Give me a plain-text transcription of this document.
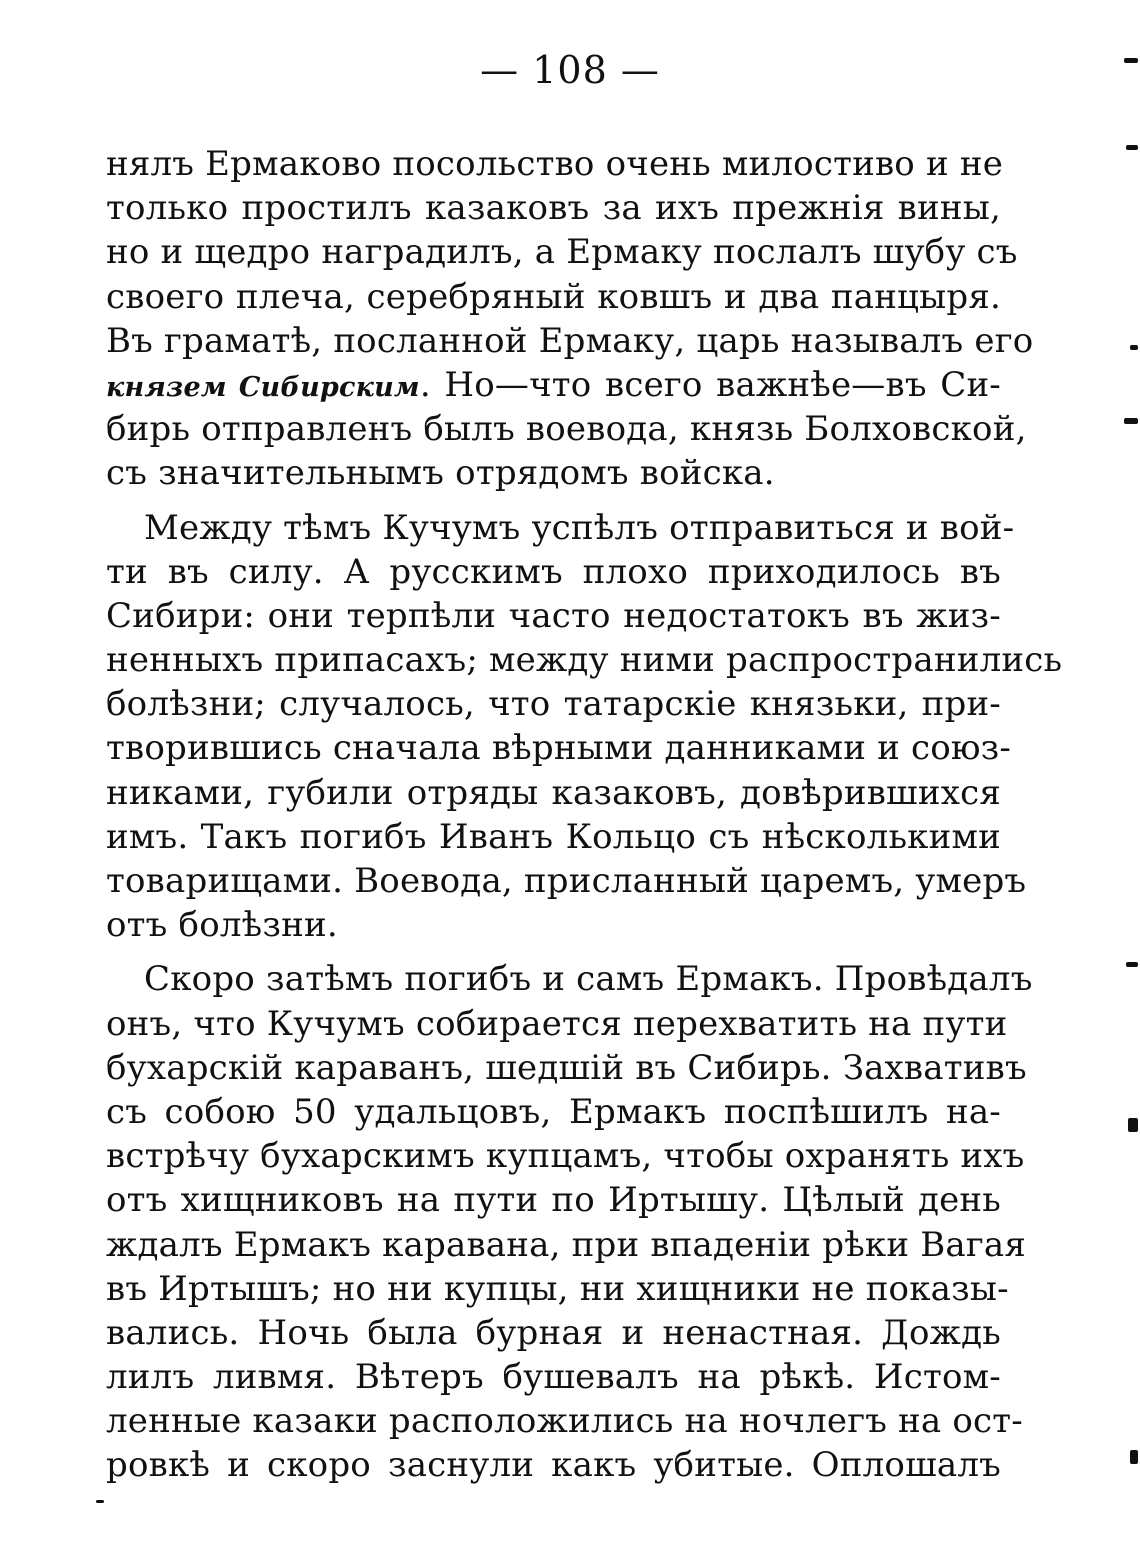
— 108 —
нялъ Ермаково посольство очень милостиво и не
только простилъ казаковъ за ихъ прежнія вины,
но и щедро наградилъ, а Ермаку послалъ шубу съ
своего плеча, серебряный ковшъ и два панцыря.
Въ граматѣ, посланной Ермаку, царь называлъ его
князем Сибирским. Но—что всего важнѣе—въ Си-
бирь отправленъ былъ воевода, князь Болховской,
съ значительнымъ отрядомъ войска.
Между тѣмъ Кучумъ успѣлъ отправиться и вой-
ти въ силу. А русскимъ плохо приходилось въ
Сибири: они терпѣли часто недостатокъ въ жиз-
ненныхъ припасахъ; между ними распространились
болѣзни; случалось, что татарскіе князьки, при-
творившись сначала вѣрными данниками и союз-
никами, губили отряды казаковъ, довѣрившихся
имъ. Такъ погибъ Иванъ Кольцо съ нѣсколькими
товарищами. Воевода, присланный царемъ, умеръ
отъ болѣзни.
Скоро затѣмъ погибъ и самъ Ермакъ. Провѣдалъ
онъ, что Кучумъ собирается перехватить на пути
бухарскій караванъ, шедшій въ Сибирь. Захвативъ
съ собою 50 удальцовъ, Ермакъ поспѣшилъ на-
встрѣчу бухарскимъ купцамъ, чтобы охранять ихъ
отъ хищниковъ на пути по Иртышу. Цѣлый день
ждалъ Ермакъ каравана, при впаденіи рѣки Вагая
въ Иртышъ; но ни купцы, ни хищники не показы-
вались. Ночь была бурная и ненастная. Дождь
лилъ ливмя. Вѣтеръ бушевалъ на рѣкѣ. Истом-
ленные казаки расположились на ночлегъ на ост-
ровкѣ и скоро заснули какъ убитые. Оплошалъ
